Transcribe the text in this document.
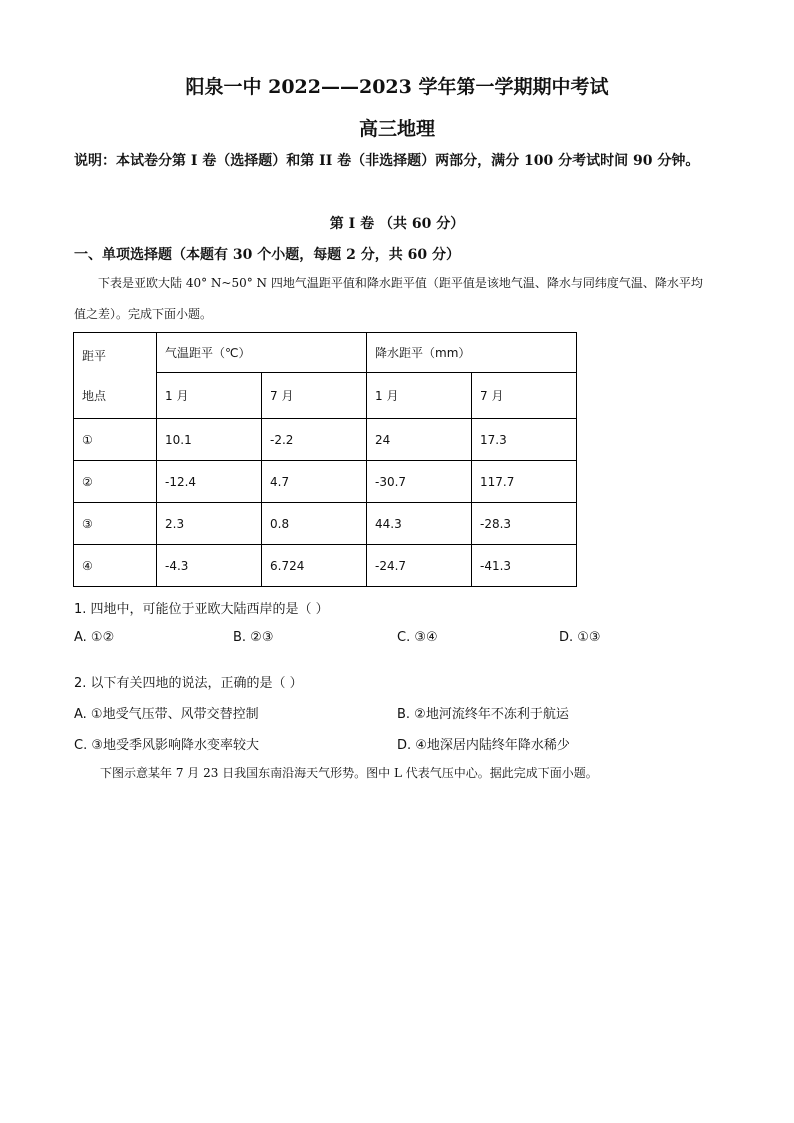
阳泉一中 2022——2023 学年第一学期期中考试
高三地理
说明：本试卷分第 I 卷（选择题）和第 II 卷（非选择题）两部分，满分 100 分考试时间 90 分钟。
第 I 卷 （共 60 分）
一、单项选择题（本题有 30 个小题，每题 2 分，共 60 分）
下表是亚欧大陆 40° N~50° N 四地气温距平值和降水距平值（距平值是该地气温、降水与同纬度气温、降水平均值之差）。完成下面小题。
距平
地点	气温距平（℃）		降水距平（mm）	
	1 月	7 月	1 月	7 月
①	10.1	-2.2	24	17.3
②	-12.4	4.7	-30.7	117.7
③	2.3	0.8	44.3	-28.3
④	-4.3	6.724	-24.7	-41.3
1. 四地中，可能位于亚欧大陆西岸的是（ ）
A. ①②	B. ②③	C. ③④	D. ①③
2. 以下有关四地的说法，正确的是（ ）
A. ①地受气压带、风带交替控制	B. ②地河流终年不冻利于航运
C. ③地受季风影响降水变率较大	D. ④地深居内陆终年降水稀少
下图示意某年 7 月 23 日我国东南沿海天气形势。图中 L 代表气压中心。据此完成下面小题。
